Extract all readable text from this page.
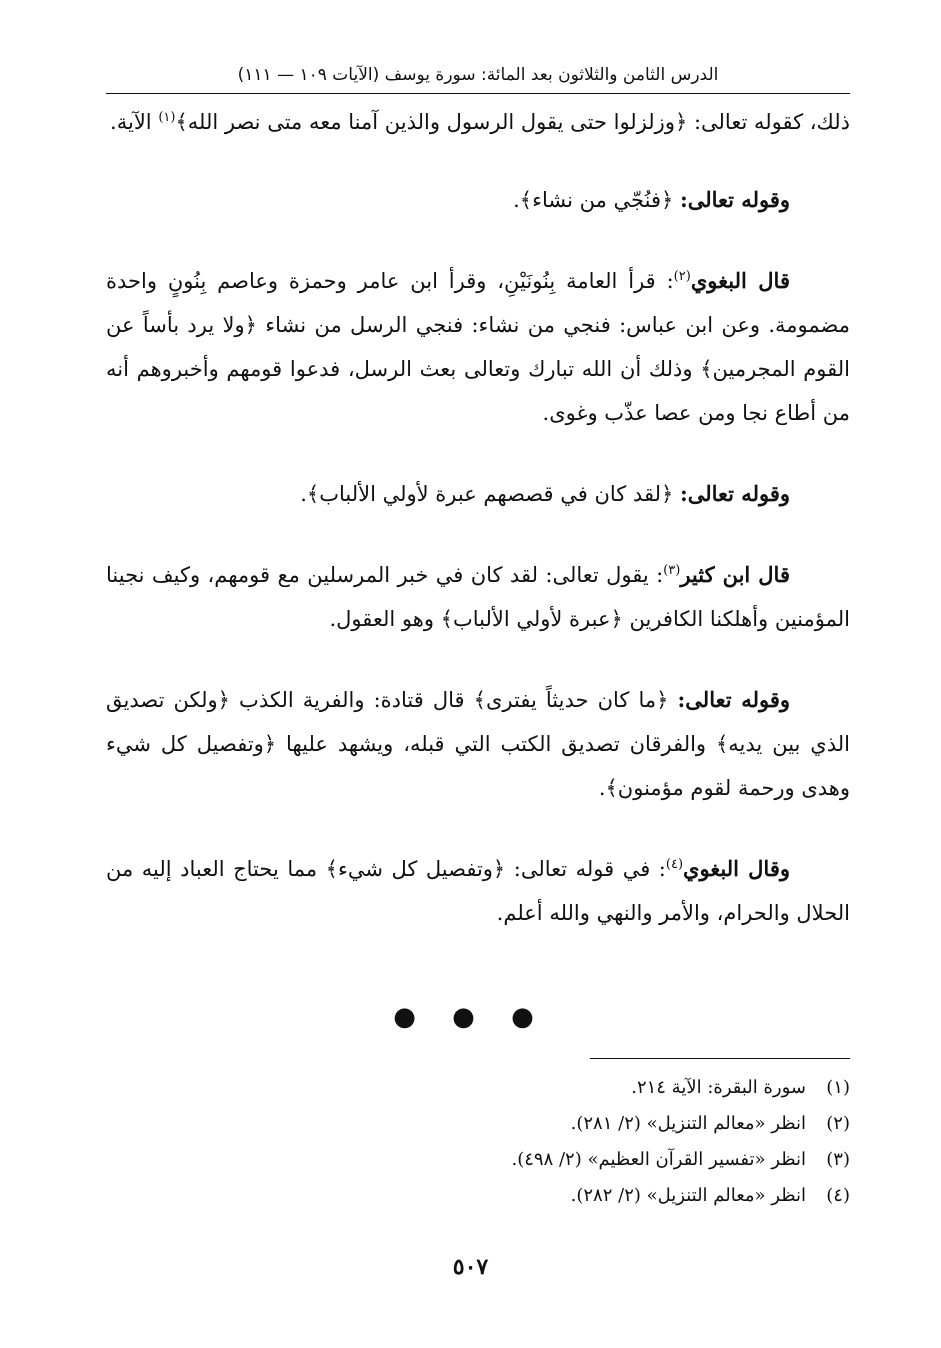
الدرس الثامن والثلاثون بعد المائة: سورة يوسف (الآيات ١٠٩ — ١١١)

ذلك، كقوله تعالى: ﴿وزلزلوا حتى يقول الرسول والذين آمنا معه متى نصر الله﴾$^{(١)}$ الآية.

وقوله تعالى: ﴿فنُجّي من نشاء﴾.

قال البغوي$^{(٢)}$: قرأ العامة بِنُونَيْنِ، وقرأ ابن عامر وحمزة وعاصم بِنُونٍ واحدة مضمومة. وعن ابن عباس: فنجي من نشاء: فنجي الرسل من نشاء ﴿ولا يرد بأساً عن القوم المجرمين﴾ وذلك أن الله تبارك وتعالى بعث الرسل، فدعوا قومهم وأخبروهم أنه من أطاع نجا ومن عصا عذّب وغوى.

وقوله تعالى: ﴿لقد كان في قصصهم عبرة لأولي الألباب﴾.

قال ابن كثير$^{(٣)}$: يقول تعالى: لقد كان في خبر المرسلين مع قومهم، وكيف نجينا المؤمنين وأهلكنا الكافرين ﴿عبرة لأولي الألباب﴾ وهو العقول.

وقوله تعالى: ﴿ما كان حديثاً يفترى﴾ قال قتادة: والفرية الكذب ﴿ولكن تصديق الذي بين يديه﴾ والفرقان تصديق الكتب التي قبله، ويشهد عليها ﴿وتفصيل كل شيء وهدى ورحمة لقوم مؤمنون﴾.

وقال البغوي$^{(٤)}$: في قوله تعالى: ﴿وتفصيل كل شيء﴾ مما يحتاج العباد إليه من الحلال والحرام، والأمر والنهي والله أعلم.

● ● ●
(١)
سورة البقرة: الآية ٢١٤.
(٢)
انظر «معالم التنزيل» (٢/ ٢٨١).
(٣)
انظر «تفسير القرآن العظيم» (٢/ ٤٩٨).
(٤)
انظر «معالم التنزيل» (٢/ ٢٨٢).
٥٠٧
